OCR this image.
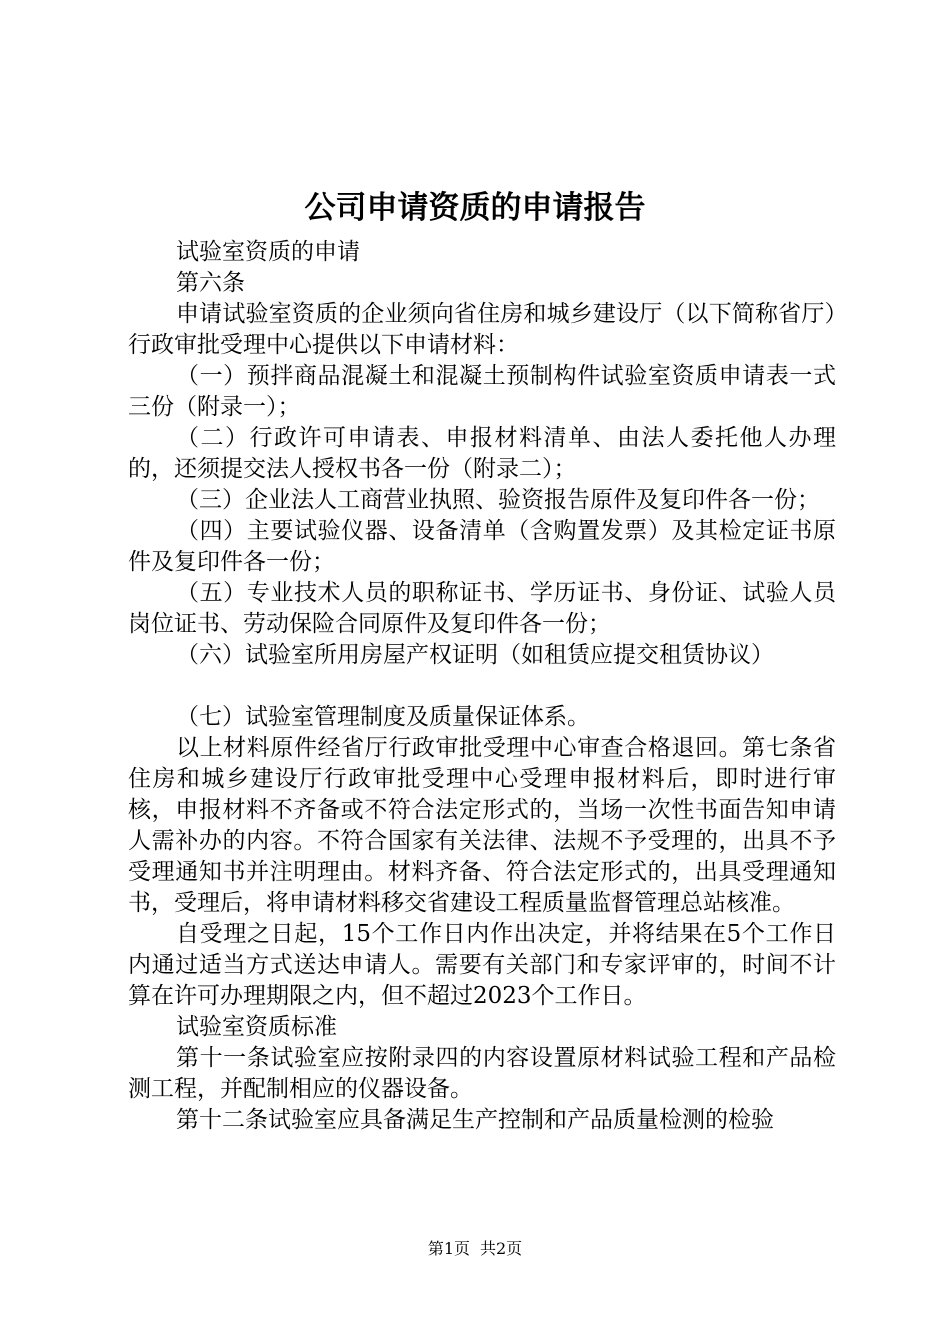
公司申请资质的申请报告

试验室资质的申请

第六条

申请试验室资质的企业须向省住房和城乡建设厅（以下简称省厅）行政审批受理中心提供以下申请材料：

（一）预拌商品混凝土和混凝土预制构件试验室资质申请表一式三份（附录一）；

（二）行政许可申请表、申报材料清单、由法人委托他人办理的，还须提交法人授权书各一份（附录二）；

（三）企业法人工商营业执照、验资报告原件及复印件各一份；

（四）主要试验仪器、设备清单（含购置发票）及其检定证书原件及复印件各一份；

（五）专业技术人员的职称证书、学历证书、身份证、试验人员岗位证书、劳动保险合同原件及复印件各一份；

（六）试验室所用房屋产权证明（如租赁应提交租赁协议）

（七）试验室管理制度及质量保证体系。

以上材料原件经省厅行政审批受理中心审查合格退回。第七条省住房和城乡建设厅行政审批受理中心受理申报材料后，即时进行审核，申报材料不齐备或不符合法定形式的，当场一次性书面告知申请人需补办的内容。不符合国家有关法律、法规不予受理的，出具不予受理通知书并注明理由。材料齐备、符合法定形式的，出具受理通知书，受理后，将申请材料移交省建设工程质量监督管理总站核准。

自受理之日起，15个工作日内作出决定，并将结果在5个工作日内通过适当方式送达申请人。需要有关部门和专家评审的，时间不计算在许可办理期限之内，但不超过2023个工作日。

试验室资质标准

第十一条试验室应按附录四的内容设置原材料试验工程和产品检测工程，并配制相应的仪器设备。

第十二条试验室应具备满足生产控制和产品质量检测的检验

第1页 共2页
